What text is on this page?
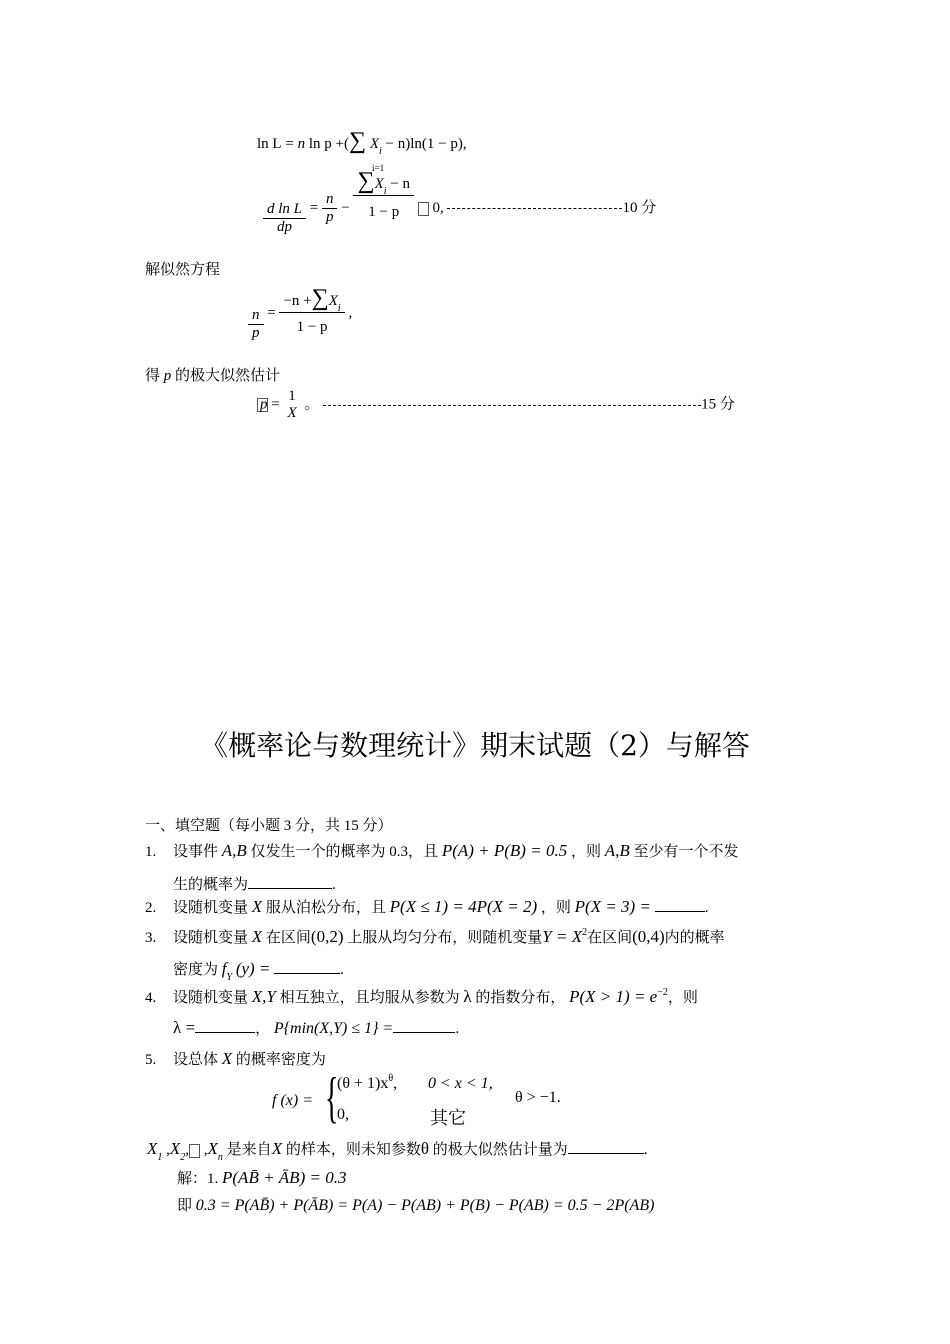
ln L = n ln p +(∑ $X_i - n)\ln(1 - p)$,
i=1
$\frac{\text{d ln L}}{dp} = \frac{n}{p} - \frac{\sum X_i - n}{1 - p} 0$,	10 分
解似然方程
$\frac{n}{p} = \frac{-n +\sum X_i}{1 - p}$ ,
得 p 的极大似然估计
p =
1
X
。	15 分
《概率论与数理统计》期末试题（2）与解答
一、填空题（每小题 3 分，共 15 分）
1. 设事件 A,B 仅发生一个的概率为 0.3，且 P(A) + P(B) = 0.5 ，则 A,B 至少有一个不发
生的概率为	.
2. 设随机变量 X 服从泊松分布，且 P(X ≤ 1) = 4P(X = 2) ，则 P(X = 3) =	.
3. 设随机变量 X 在区间(0,2) 上服从均匀分布，则随机变量$Y = X^2$在区间(0,4)内的概率
密度为 $f_Y$ (y) =	.
4. 设随机变量 X,Y 相互独立，且均服从参数为 λ 的指数分布， $P(X > 1) = e^{-2}$，则
λ =	， P{min(X,Y) ≤ 1} =	.
5. 设总体 X 的概率密度为
f (x) = {
$(\theta + 1)x^\theta$, 0 < x < 1,
0,	其它
θ > −1.
$X_1$ $,X_2$, $,X_n$ 是来自X 的样本，则未知参数θ 的极大似然估计量为	.
解：1. P(AB̄ + ĀB) = 0.3
即 0.3 = P(AB̄) + P(ĀB) = P(A) − P(AB) + P(B) − P(AB) = 0.5 − 2P(AB)
